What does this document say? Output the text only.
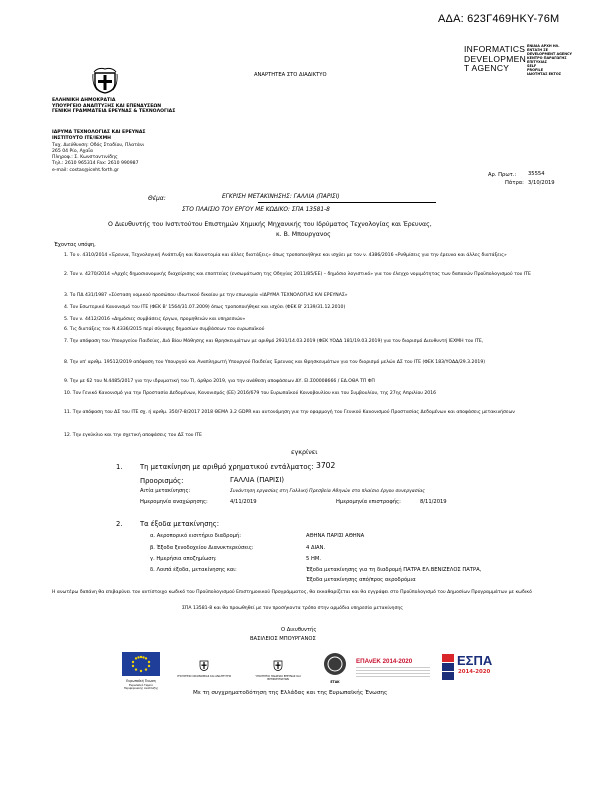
ΑΔΑ: 623Γ469ΗΚΥ-76Μ
ΑΝΑΡΤΗΤΕΑ ΣΤΟ ΔΙΑΔΙΚΤΥΟ
INFORMATICS
DEVELOPMEN
T AGENCY
ΕΝΙΑΙΑ ΑΡΧΗ ΗΛ.
ΕΝΤΑΞΗ ΣΕ
DEVELOPMENT AGENCY
ΚΕΝΤΡΟ ΠΑΡΑΓΩΓΗΣ
ΕΠΙΤΥΧΙΑΣ
SELF
PROFILE
ΙΔΙΟΤΗΤΑΣ ΕΚΤΟΣ
ΕΛΛΗΝΙΚΗ ΔΗΜΟΚΡΑΤΙΑ
ΥΠΟΥΡΓΕΙΟ ΑΝΑΠΤΥΞΗΣ ΚΑΙ ΕΠΕΝΔΥΣΕΩΝ
ΓΕΝΙΚΗ ΓΡΑΜΜΑΤΕΙΑ ΕΡΕΥΝΑΣ & ΤΕΧΝΟΛΟΓΙΑΣ
ΙΔΡΥΜΑ ΤΕΧΝΟΛΟΓΙΑΣ ΚΑΙ ΕΡΕΥΝΑΣ
ΙΝΣΤΙΤΟΥΤΟ ΙΤΕ/ΙΕΧΜΗ
Ταχ. Διεύθυνση: Οδός Σταδίου, Πλατάνι
265 04 Ρίο, Αχαΐα
Πληροφ.: Σ. Κωνσταντινίδης
Τηλ.: 2610 965314 Fax: 2610 990987
e-mail: costas@iceht.forth.gr
Αρ. Πρωτ.: 35554
Πάτρα: 3/10/2019
Θέμα:	ΕΓΚΡΙΣΗ ΜΕΤΑΚΙΝΗΣΗΣ: ΓΑΛΛΙΑ (ΠΑΡΙΣΙ)
ΣΤΟ ΠΛΑΙΣΙΟ ΤΟΥ ΕΡΓΟΥ ΜΕ ΚΩΔΙΚΟ: ΣΠΑ 13581-8
Ο Διευθυντής του Ινστιτούτου Επιστημών Χημικής Μηχανικής του Ιδρύματος Τεχνολογίας και Έρευνας,
κ. Β. Μπουργανος
Έχοντας υπόψη,
1. Το ν. 4310/2014 «Έρευνα, Τεχνολογική Ανάπτυξη και Καινοτομία και άλλες διατάξεις» όπως τροποποιήθηκε και ισχύει με τον ν. 4386/2016 «Ρυθμίσεις για την έρευνα και άλλες διατάξεις»
2. Τον ν. 4270/2014 «Αρχές δημοσιονομικής διαχείρισης και εποπτείας (ενσωμάτωση της Οδηγίας 2011/85/ΕΕ) – δημόσιο λογιστικό» για τον έλεγχο νομιμότητας των δαπανών Προϋπολογισμού του ΙΤΕ
3. Το ΠΔ 431/1987 «Σύσταση νομικού προσώπου ιδιωτικού δικαίου με την επωνυμία «ΙΔΡΥΜΑ ΤΕΧΝΟΛΟΓΙΑΣ ΚΑΙ ΕΡΕΥΝΑΣ»
4. Τον Εσωτερικό Κανονισμό του ΙΤΕ (ΦΕΚ Β' 1564/31.07.2009) όπως τροποποιήθηκε και ισχύει (ΦΕΚ Β' 2139/31.12.2010)
5. Τον ν. 4412/2016 «Δημόσιες συμβάσεις έργων, προμηθειών και υπηρεσιών»
6. Τις διατάξεις του Ν.4336/2015 περί σύναψης δημοσίων συμβάσεων του ευρωπαϊκού
7. Την απόφαση του Υπουργείου Παιδείας, Διά Βίου Μάθησης και Θρησκευμάτων με αριθμό 2931/14.03.2019 (ΦΕΚ ΥΟΔΔ 181/19.03.2019) για τον διορισμό Διευθυντή ΙΕΧΜΗ του ΙΤΕ,
8. Την υπ' αριθμ. 19512/2019 απόφαση του Υπουργού και Αναπληρωτή Υπουργού Παιδείας Έρευνας και Θρησκευμάτων για τον διορισμό μελών ΔΣ του ΙΤΕ (ΦΕΚ 183/ΥΟΔΔ/29.3.2019)
9. Την με 62 του Ν.4485/2017 για την ιδρυματική του ΤΙ, άρθρο 2019, για την ανάθεση αποφάσεων ΔΥ. ΕΙ.Σ00008666 / ΕΔ.ΟΘΑ ΤΠ ΦΠ
10. Τον Γενικό Κανονισμό για την Προστασία Δεδομένων, Κανονισμός (ΕΕ) 2016/679 του Ευρωπαϊκού Κοινοβουλίου και του Συμβουλίου, της 27ης Απριλίου 2016
11. Την απόφαση του ΔΣ του ΙΤΕ σχ. ή αριθμ. 350/7-8/2017 2018 ΘΕΜΑ 3.2 GDPR και αυτονόμηση για την εφαρμογή του Γενικού Κανονισμού Προστασίας Δεδομένων και αποφάσεις μετακινήσεων
12. Την εγκύκλιο και την σχετική αποφάσεις του ΔΣ του ΙΤΕ
εγκρίνει
1.	Τη μετακίνηση με αριθμό χρηματικού εντάλματος: 3702
Προορισμός:	ΓΑΛΛΙΑ (ΠΑΡΙΣΙ)
Αιτία μετακίνησης:	Συνάντηση εργασίας στη Γαλλική Πρεσβεία Αθηνών στο πλαίσιο έργου συνεργασίας
Ημερομηνία αναχώρησης:	4/11/2019	Ημερομηνία επιστροφής:	8/11/2019
2.	Τα έξοδα μετακίνησης:
α. Αεροπορικό εισιτήριο διαδρομή:	ΑΘΗΝΑ ΠΑΡΙΣΙ ΑΘΗΝΑ
β. Έξοδα ξενοδοχείου Διανυκτερεύσεις:	4 ΔΙΑΝ.
γ. Ημερήσια αποζημίωση:	5 ΗΜ.
δ. Λοιπά έξοδα, μετακίνησης και:	Έξοδα μετακίνησης για τη διαδρομή ΠΑΤΡΑ ΕΛ.ΒΕΝΙΖΕΛΟΣ ΠΑΤΡΑ,
Έξοδα μετακίνησης από/προς αεροδρόμια
Η ανωτέρω δαπάνη θα επιβαρύνει τον αντίστοιχο κωδικό του Προϋπολογισμού Επιστημονικού Προγράμματος, θα εκκαθαρίζεται και θα εγγράφει στο Προϋπολογισμό του Δημοσίων Προγραμμάτων με κωδικό
ΣΠΑ 13581-8 και θα προωθηθεί με τον προσήκοντα τρόπο στην αρμόδια υπηρεσία μετακίνησης
Ο Διευθυντής
ΒΑΣΙΛΕΙΟΣ ΜΠΟΥΡΓΑΝΟΣ
Ευρωπαϊκή Ένωση
Ευρωπαϊκό Ταμείο Περιφερειακής Ανάπτυξης
ΥΠΟΥΡΓΕΙΟ ΟΙΚΟΝΟΜΙΑΣ ΚΑΙ ΑΝΑΠΤΥΞΗΣ	ΥΠΟΥΡΓΕΙΟ ΠΑΙΔΕΙΑΣ ΕΡΕΥΝΑΣ ΚΑΙ ΘΡΗΣΚΕΥΜΑΤΩΝ
ΕΤΑΚ
ΕΠΑνΕΚ 2014-2020	ΕΣΠΑ
2014-2020
Με τη συγχρηματοδότηση της Ελλάδας και της Ευρωπαϊκής Ένωσης
